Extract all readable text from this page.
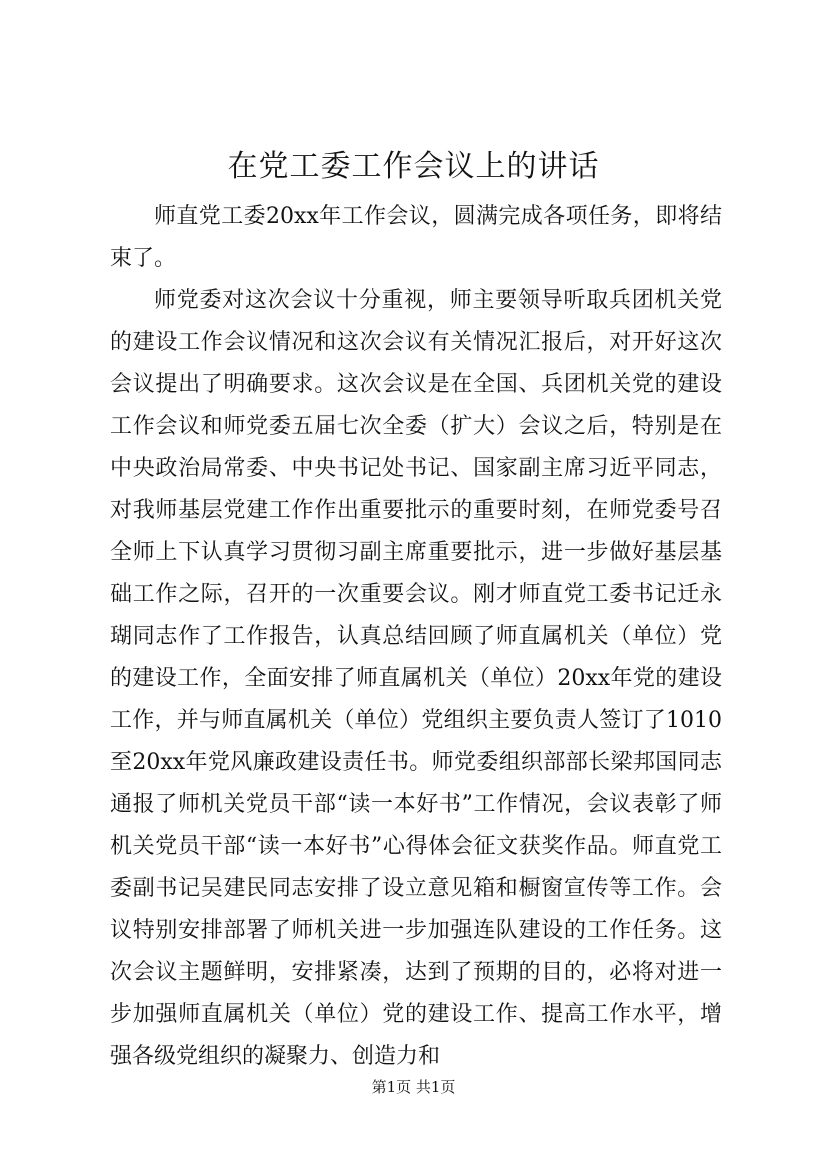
在党工委工作会议上的讲话

师直党工委20xx年工作会议，圆满完成各项任务，即将结束了。

师党委对这次会议十分重视，师主要领导听取兵团机关党的建设工作会议情况和这次会议有关情况汇报后，对开好这次会议提出了明确要求。这次会议是在全国、兵团机关党的建设工作会议和师党委五届七次全委（扩大）会议之后，特别是在中央政治局常委、中央书记处书记、国家副主席习近平同志，对我师基层党建工作作出重要批示的重要时刻，在师党委号召全师上下认真学习贯彻习副主席重要批示，进一步做好基层基础工作之际，召开的一次重要会议。刚才师直党工委书记迁永瑚同志作了工作报告，认真总结回顾了师直属机关（单位）党的建设工作，全面安排了师直属机关（单位）20xx年党的建设工作，并与师直属机关（单位）党组织主要负责人签订了1010至20xx年党风廉政建设责任书。师党委组织部部长梁邦国同志通报了师机关党员干部“读一本好书”工作情况，会议表彰了师机关党员干部“读一本好书”心得体会征文获奖作品。师直党工委副书记吴建民同志安排了设立意见箱和橱窗宣传等工作。会议特别安排部署了师机关进一步加强连队建设的工作任务。这次会议主题鲜明，安排紧凑，达到了预期的目的，必将对进一步加强师直属机关（单位）党的建设工作、提高工作水平，增强各级党组织的凝聚力、创造力和

第1页 共1页
